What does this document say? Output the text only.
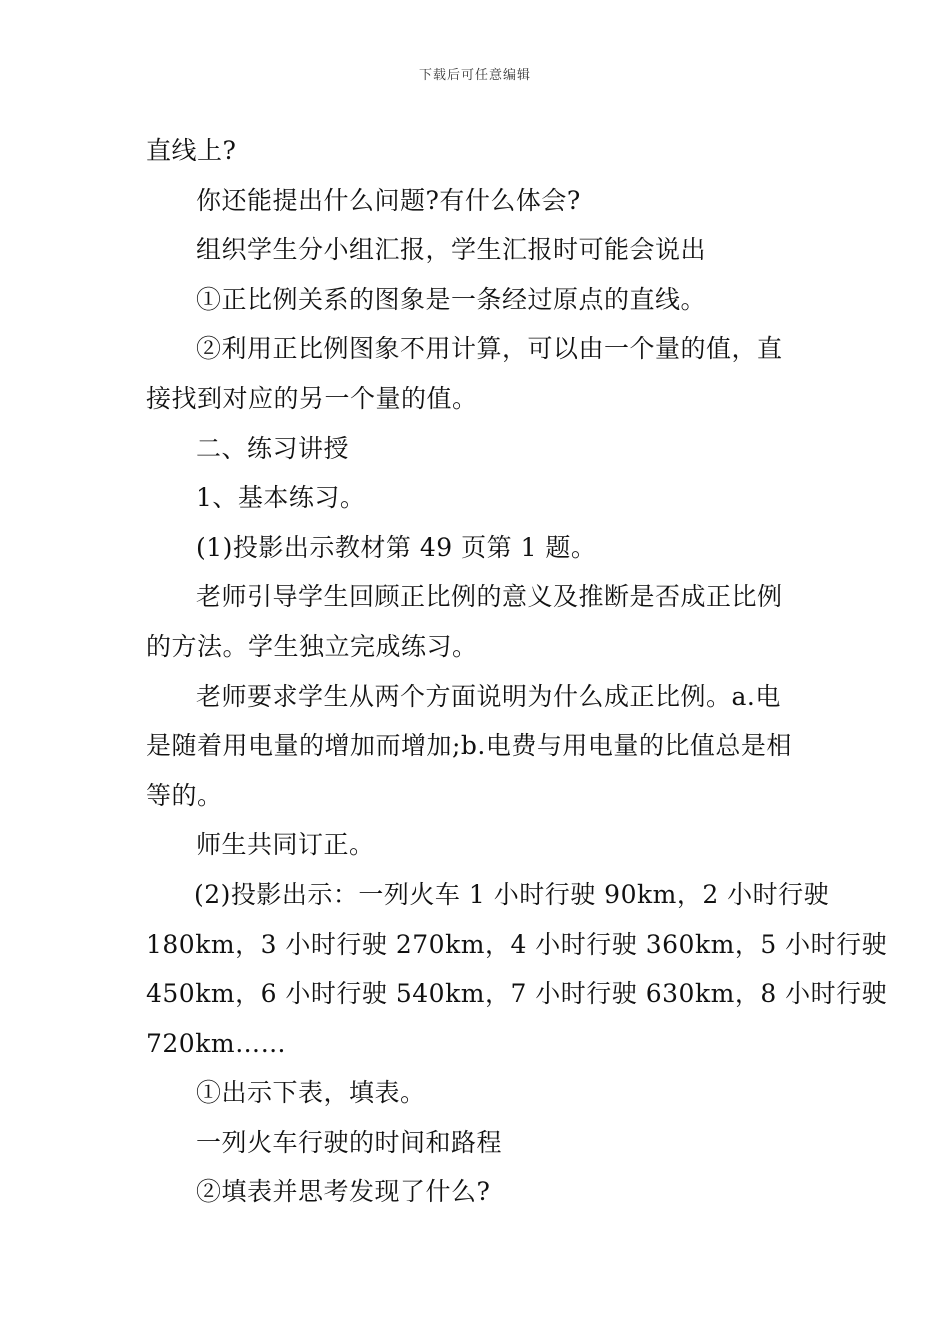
下载后可任意编辑
直线上?
你还能提出什么问题?有什么体会?
组织学生分小组汇报，学生汇报时可能会说出
①正比例关系的图象是一条经过原点的直线。
②利用正比例图象不用计算，可以由一个量的值，直
接找到对应的另一个量的值。
二、练习讲授
1、基本练习。
(1)投影出示教材第 49 页第 1 题。
老师引导学生回顾正比例的意义及推断是否成正比例
的方法。学生独立完成练习。
老师要求学生从两个方面说明为什么成正比例。a.电
是随着用电量的增加而增加;b.电费与用电量的比值总是相
等的。
师生共同订正。
(2)投影出示：一列火车 1 小时行驶 90km，2 小时行驶
180km，3 小时行驶 270km，4 小时行驶 360km，5 小时行驶
450km，6 小时行驶 540km，7 小时行驶 630km，8 小时行驶
720km……
①出示下表，填表。
一列火车行驶的时间和路程
②填表并思考发现了什么?
